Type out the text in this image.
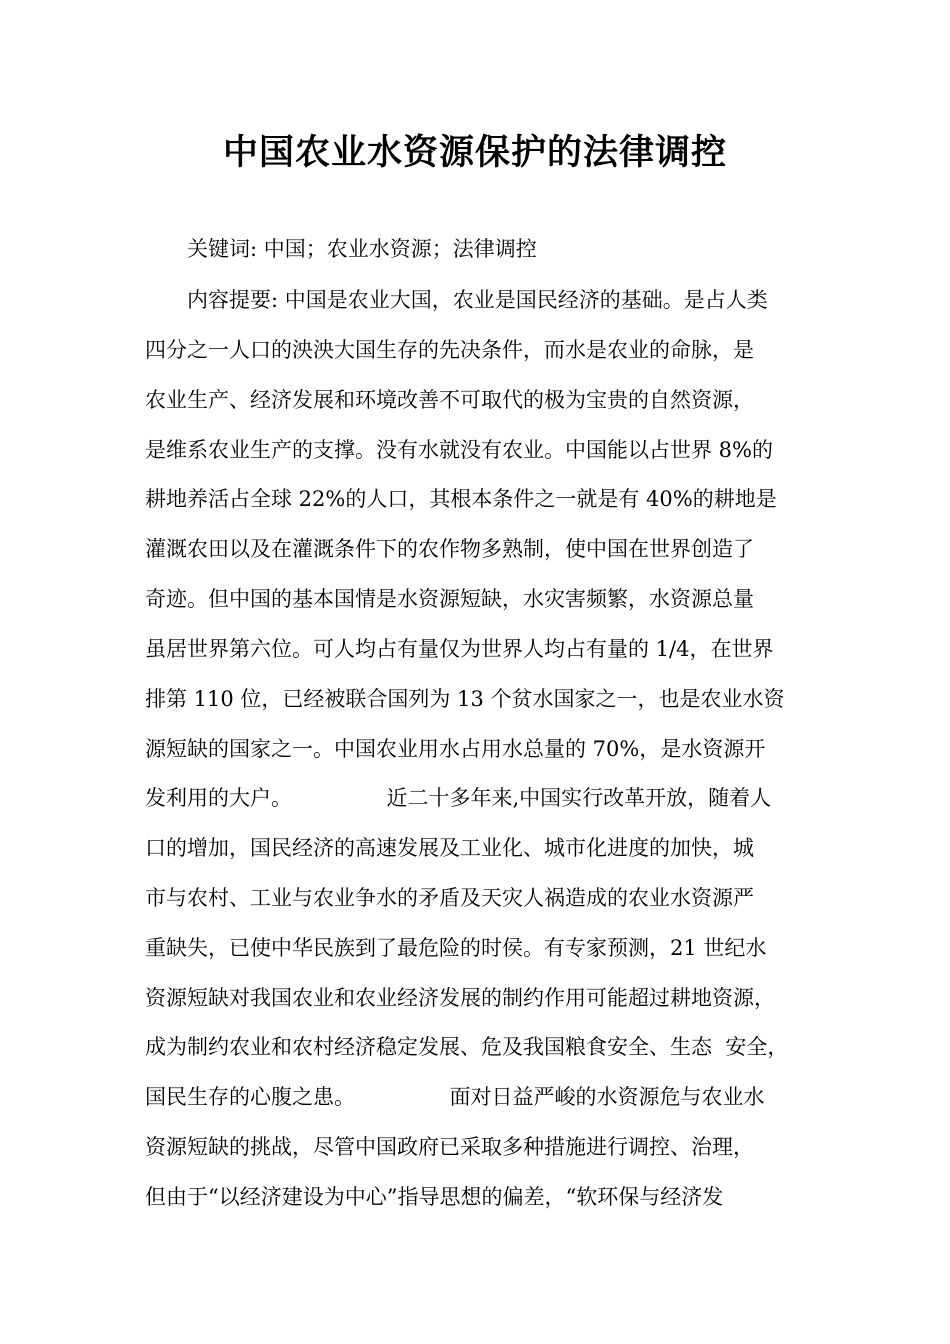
中国农业水资源保护的法律调控
　　关键词: 中国；农业水资源；法律调控
　　内容提要: 中国是农业大国，农业是国民经济的基础。是占人类
四分之一人口的泱泱大国生存的先决条件，而水是农业的命脉，是
农业生产、经济发展和环境改善不可取代的极为宝贵的自然资源，
是维系农业生产的支撑。没有水就没有农业。中国能以占世界 8%的
耕地养活占全球 22%的人口，其根本条件之一就是有 40%的耕地是
灌溉农田以及在灌溉条件下的农作物多熟制，使中国在世界创造了
奇迹。但中国的基本国情是水资源短缺，水灾害频繁，水资源总量
虽居世界第六位。可人均占有量仅为世界人均占有量的 1/4，在世界
排第 110 位，已经被联合国列为 13 个贫水国家之一，也是农业水资
源短缺的国家之一。中国农业用水占用水总量的 70%，是水资源开
发利用的大户。　　　　　近二十多年来,中国实行改革开放，随着人
口的增加，国民经济的高速发展及工业化、城市化进度的加快，城
市与农村、工业与农业争水的矛盾及天灾人祸造成的农业水资源严
重缺失，已使中华民族到了最危险的时侯。有专家预测，21 世纪水
资源短缺对我国农业和农业经济发展的制约作用可能超过耕地资源，
成为制约农业和农村经济稳定发展、危及我国粮食安全、生态  安全，
国民生存的心腹之患。　　　　　面对日益严峻的水资源危与农业水
资源短缺的挑战，尽管中国政府已采取多种措施进行调控、治理，
但由于“以经济建设为中心”指导思想的偏差，“软环保与经济发
